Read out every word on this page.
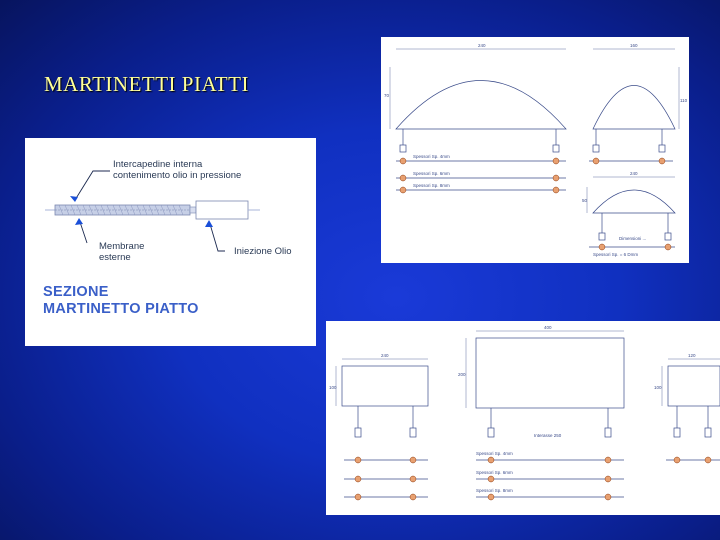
MARTINETTI PIATTI
Intercapedine interna
contenimento olio in pressione
Membrane
esterne
Iniezione Olio
SEZIONE
MARTINETTO PIATTO
240	160
70
110
240
50
Spessori Sp. 4mm
Spessori Sp. 6mm
Spessori Sp. 8mm
Dimensioni ...
Spessori Sp. = 6 Dmm
240
400
120
100
200
100
Interasse 250
Spessori Sp. 4mm
Spessori Sp. 6mm
Spessori Sp. 8mm
